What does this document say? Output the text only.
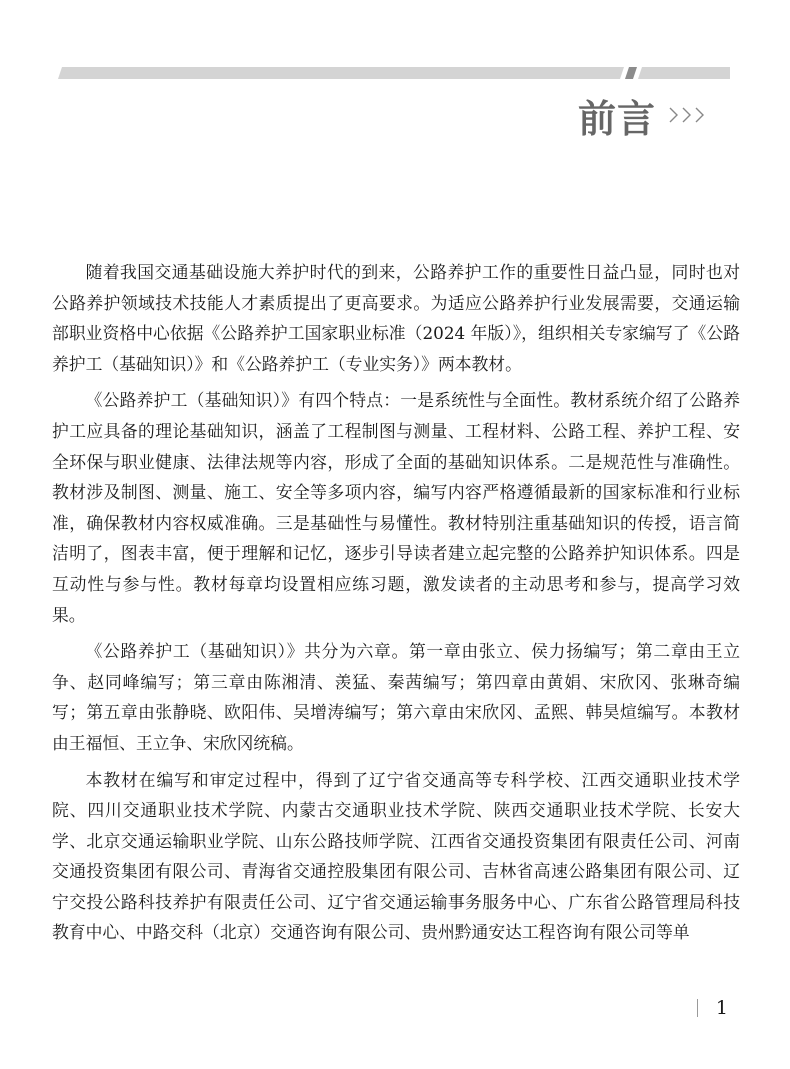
前言

随着我国交通基础设施大养护时代的到来，公路养护工作的重要性日益凸显，同时也对公路养护领域技术技能人才素质提出了更高要求。为适应公路养护行业发展需要，交通运输部职业资格中心依据《公路养护工国家职业标准（2024 年版）》，组织相关专家编写了《公路养护工（基础知识）》和《公路养护工（专业实务）》两本教材。

《公路养护工（基础知识）》有四个特点：一是系统性与全面性。教材系统介绍了公路养护工应具备的理论基础知识，涵盖了工程制图与测量、工程材料、公路工程、养护工程、安全环保与职业健康、法律法规等内容，形成了全面的基础知识体系。二是规范性与准确性。教材涉及制图、测量、施工、安全等多项内容，编写内容严格遵循最新的国家标准和行业标准，确保教材内容权威准确。三是基础性与易懂性。教材特别注重基础知识的传授，语言简洁明了，图表丰富，便于理解和记忆，逐步引导读者建立起完整的公路养护知识体系。四是互动性与参与性。教材每章均设置相应练习题，激发读者的主动思考和参与，提高学习效果。

《公路养护工（基础知识）》共分为六章。第一章由张立、侯力扬编写；第二章由王立争、赵同峰编写；第三章由陈湘清、羡猛、秦茜编写；第四章由黄娟、宋欣冈、张琳奇编写；第五章由张静晓、欧阳伟、吴增涛编写；第六章由宋欣冈、孟熙、韩昊煊编写。本教材由王福恒、王立争、宋欣冈统稿。

本教材在编写和审定过程中，得到了辽宁省交通高等专科学校、江西交通职业技术学院、四川交通职业技术学院、内蒙古交通职业技术学院、陕西交通职业技术学院、长安大学、北京交通运输职业学院、山东公路技师学院、江西省交通投资集团有限责任公司、河南交通投资集团有限公司、青海省交通控股集团有限公司、吉林省高速公路集团有限公司、辽宁交投公路科技养护有限责任公司、辽宁省交通运输事务服务中心、广东省公路管理局科技教育中心、中路交科（北京）交通咨询有限公司、贵州黔通安达工程咨询有限公司等单

1
